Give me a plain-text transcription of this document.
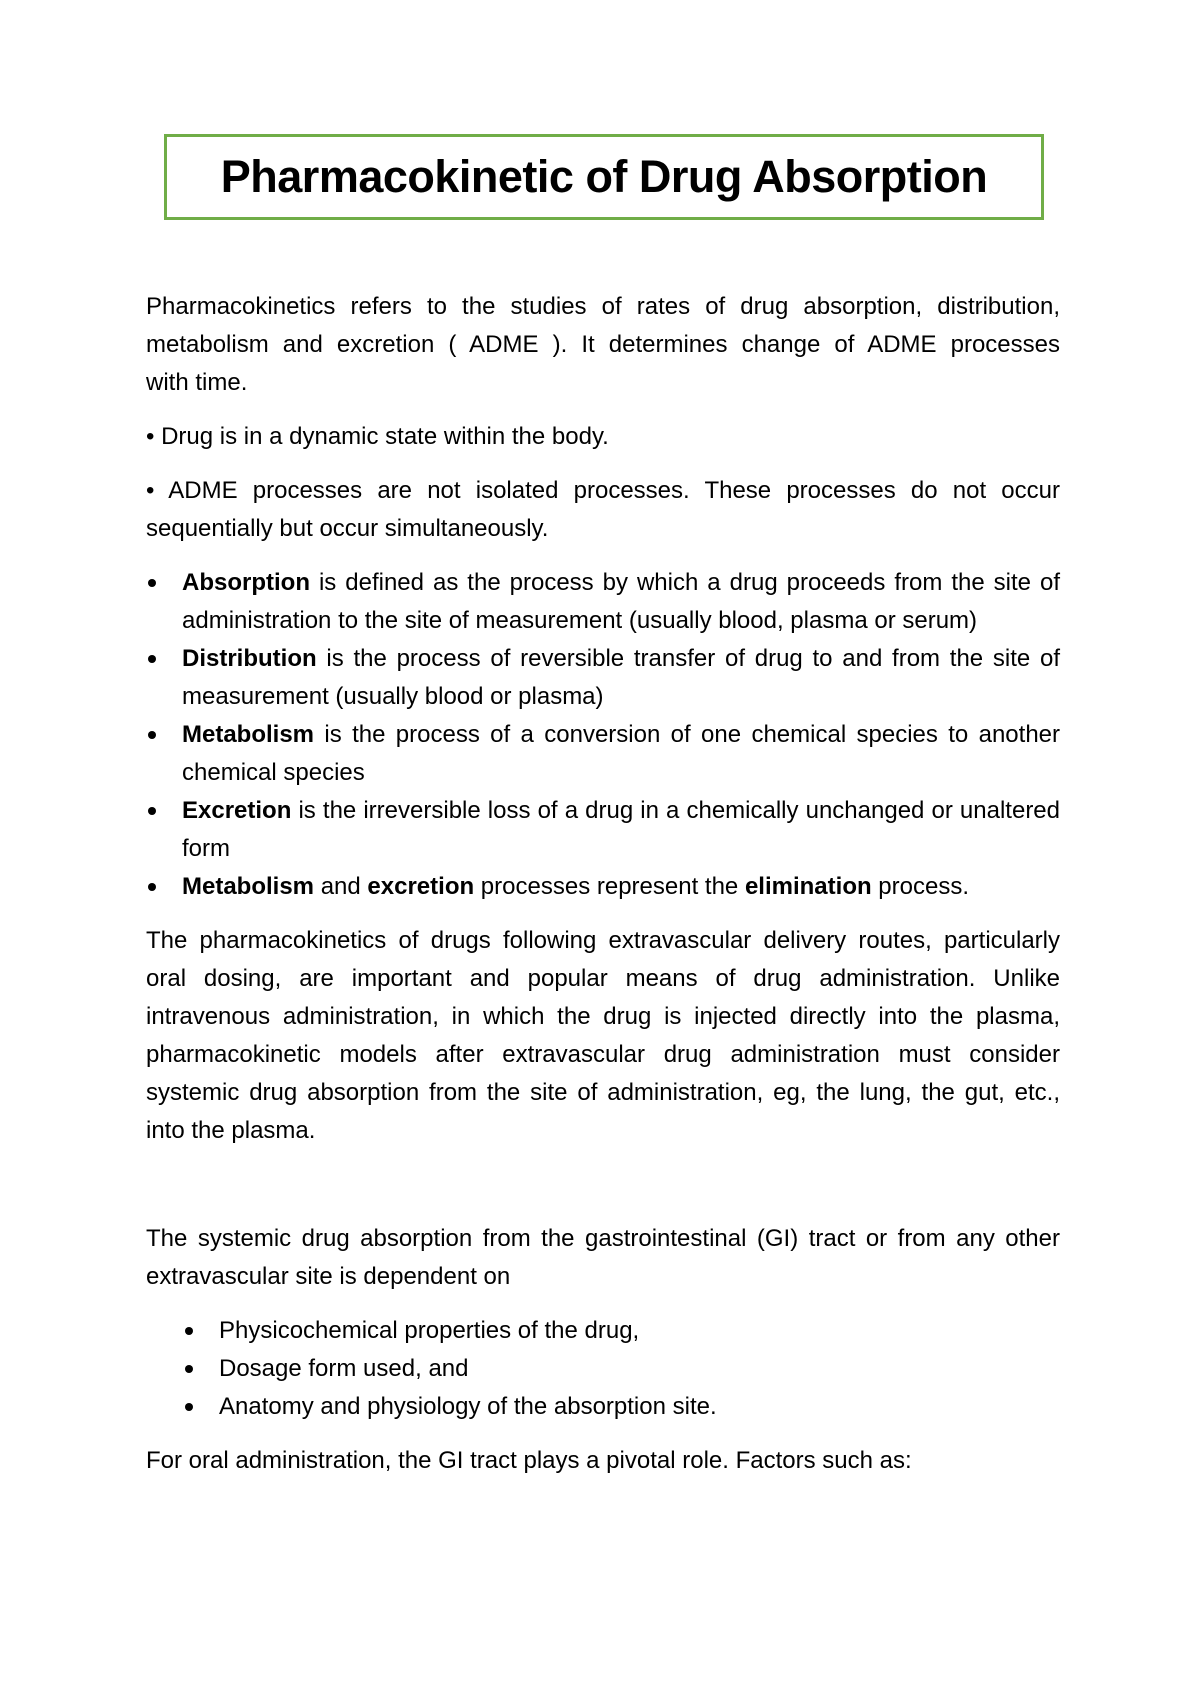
Pharmacokinetic of Drug Absorption

Pharmacokinetics refers to the studies of rates of drug absorption, distribution,
metabolism and excretion ( ADME ). It determines change of ADME processes
with time.

• Drug is in a dynamic state within the body.

• ADME processes are not isolated processes. These processes do not occur sequentially but occur simultaneously.

Absorption is defined as the process by which a drug proceeds from the site of administration to the site of measurement (usually blood, plasma or serum)
Distribution is the process of reversible transfer of drug to and from the site of measurement (usually blood or plasma)
Metabolism is the process of a conversion of one chemical species to another chemical species
Excretion is the irreversible loss of a drug in a chemically unchanged or unaltered form
Metabolism and excretion processes represent the elimination process.

The pharmacokinetics of drugs following extravascular delivery routes, particularly oral dosing, are important and popular means of drug administration. Unlike intravenous administration, in which the drug is injected directly into the plasma, pharmacokinetic models after extravascular drug administration must consider systemic drug absorption from the site of administration, eg, the lung, the gut, etc., into the plasma.

The systemic drug absorption from the gastrointestinal (GI) tract or from any other extravascular site is dependent on

Physicochemical properties of the drug,
Dosage form used, and
Anatomy and physiology of the absorption site.

For oral administration, the GI tract plays a pivotal role. Factors such as:
